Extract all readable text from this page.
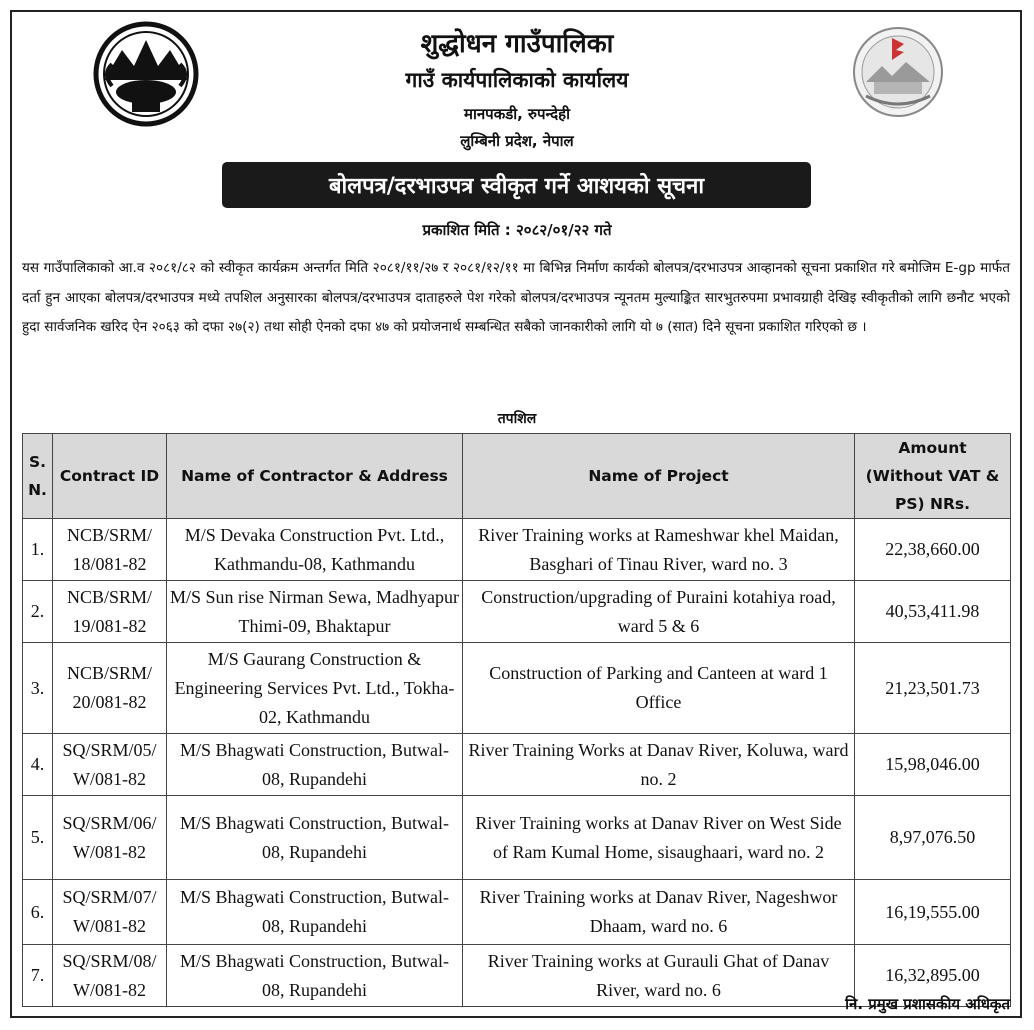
शुद्धोधन गाउँपालिका
गाउँ कार्यपालिकाको कार्यालय
मानपकडी, रुपन्देही
लुम्बिनी प्रदेश, नेपाल
बोलपत्र/दरभाउपत्र स्वीकृत गर्ने आशयको सूचना
प्रकाशित मिति : २०८२/०१/२२ गते
यस गाउँपालिकाको आ.व २०८१/८२ को स्वीकृत कार्यक्रम अन्तर्गत मिति २०८१/११/२७ र २०८१/१२/११ मा बिभिन्न निर्माण कार्यको बोलपत्र/दरभाउपत्र आव्हानको सूचना प्रकाशित गरे बमोजिम E-gp मार्फत दर्ता हुन आएका बोलपत्र/दरभाउपत्र मध्ये तपशिल अनुसारका बोलपत्र/दरभाउपत्र दाताहरुले पेश गरेको बोलपत्र/दरभाउपत्र न्यूनतम मुल्याङ्कित सारभुतरुपमा प्रभावग्राही देखिइ स्वीकृतीको लागि छनौट भएको हुदा सार्वजनिक खरिद ऐन २०६३ को दफा २७(२) तथा सोही ऐनको दफा ४७ को प्रयोजनार्थ सम्बन्धित सबैको जानकारीको लागि यो ७ (सात) दिने सूचना प्रकाशित गरिएको छ ।
तपशिल
S. N.	Contract ID	Name of Contractor & Address	Name of Project	Amount (Without VAT & PS) NRs.
1.	NCB/SRM/ 18/081-82	M/S Devaka Construction Pvt. Ltd., Kathmandu-08, Kathmandu	River Training works at Rameshwar khel Maidan, Basghari of Tinau River, ward no. 3	22,38,660.00
2.	NCB/SRM/ 19/081-82	M/S Sun rise Nirman Sewa, Madhyapur Thimi-09, Bhaktapur	Construction/upgrading of Puraini kotahiya road, ward 5 & 6	40,53,411.98
3.	NCB/SRM/ 20/081-82	M/S Gaurang Construction & Engineering Services Pvt. Ltd., Tokha-02, Kathmandu	Construction of Parking and Canteen at ward 1 Office	21,23,501.73
4.	SQ/SRM/05/ W/081-82	M/S Bhagwati Construction, Butwal-08, Rupandehi	River Training Works at Danav River, Koluwa, ward no. 2	15,98,046.00
5.	SQ/SRM/06/ W/081-82	M/S Bhagwati Construction, Butwal-08, Rupandehi	River Training works at Danav River on West Side of Ram Kumal Home, sisaughaari, ward no. 2	8,97,076.50
6.	SQ/SRM/07/ W/081-82	M/S Bhagwati Construction, Butwal-08, Rupandehi	River Training works at Danav River, Nageshwor Dhaam, ward no. 6	16,19,555.00
7.	SQ/SRM/08/ W/081-82	M/S Bhagwati Construction, Butwal-08, Rupandehi	River Training works at Gurauli Ghat of Danav River, ward no. 6	16,32,895.00
नि. प्रमुख प्रशासकीय अधिकृत
